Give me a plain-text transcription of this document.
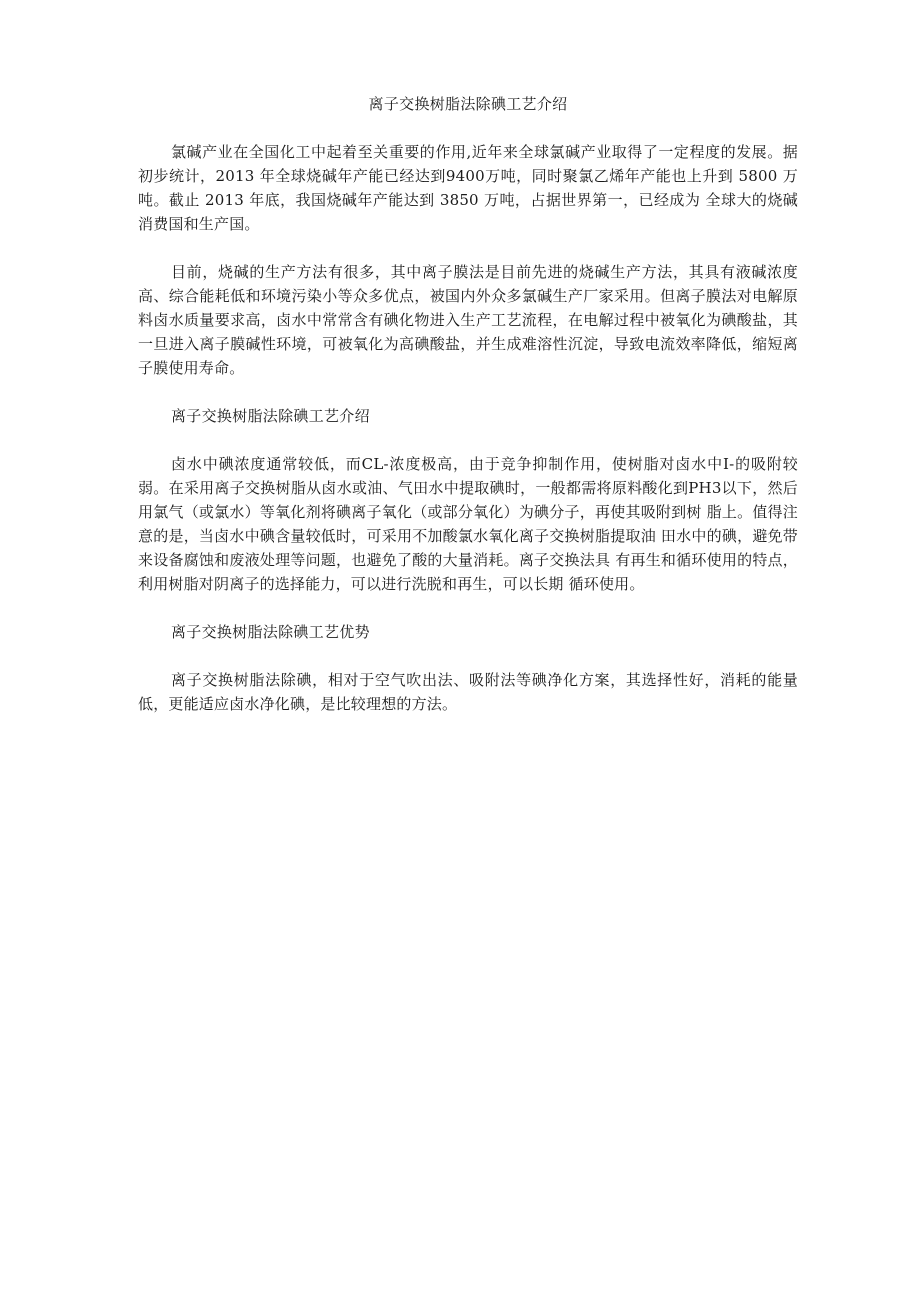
离子交换树脂法除碘工艺介绍

氯碱产业在全国化工中起着至关重要的作用,近年来全球氯碱产业取得了一定程度的发展。据初步统计，2013 年全球烧碱年产能已经达到9400万吨，同时聚氯乙烯年产能也上升到 5800 万吨。截止 2013 年底，我国烧碱年产能达到 3850 万吨，占据世界第一，已经成为 全球大的烧碱消费国和生产国。

目前，烧碱的生产方法有很多，其中离子膜法是目前先进的烧碱生产方法，其具有液碱浓度高、综合能耗低和环境污染小等众多优点，被国内外众多氯碱生产厂家采用。但离子膜法对电解原料卤水质量要求高，卤水中常常含有碘化物进入生产工艺流程，在电解过程中被氧化为碘酸盐，其一旦进入离子膜碱性环境，可被氧化为高碘酸盐，并生成难溶性沉淀，导致电流效率降低，缩短离子膜使用寿命。

离子交换树脂法除碘工艺介绍

卤水中碘浓度通常较低，而CL-浓度极高，由于竞争抑制作用，使树脂对卤水中I-的吸附较弱。在采用离子交换树脂从卤水或油、气田水中提取碘时，一般都需将原料酸化到PH3以下，然后用氯气（或氯水）等氧化剂将碘离子氧化（或部分氧化）为碘分子，再使其吸附到树 脂上。值得注意的是，当卤水中碘含量较低时，可采用不加酸氯水氧化离子交换树脂提取油 田水中的碘，避免带来设备腐蚀和废液处理等问题，也避免了酸的大量消耗。离子交换法具 有再生和循环使用的特点，利用树脂对阴离子的选择能力，可以进行洗脱和再生，可以长期 循环使用。

离子交换树脂法除碘工艺优势

离子交换树脂法除碘，相对于空气吹出法、吸附法等碘净化方案，其选择性好，消耗的能量低，更能适应卤水净化碘，是比较理想的方法。
